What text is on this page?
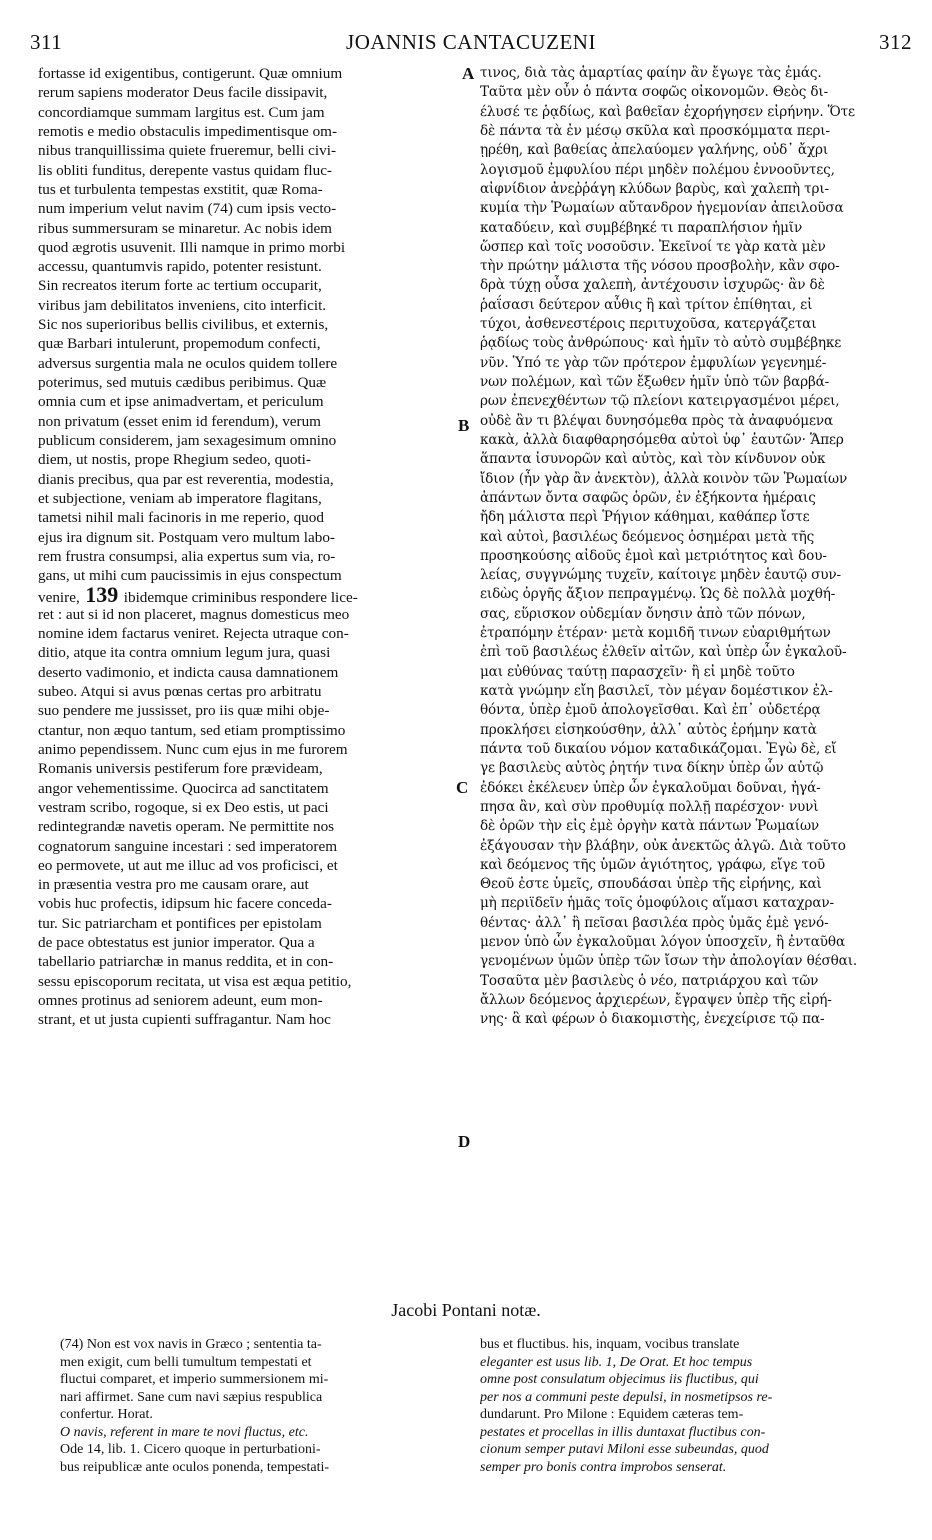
311	JOANNIS CANTACUZENI	312
fortasse id exigentibus, contigerunt. Quæ omnium
rerum sapiens moderator Deus facile dissipavit,
concordiamque summam largitus est. Cum jam
remotis e medio obstaculis impedimentisque om-
nibus tranquillissima quiete frueremur, belli civi-
lis obliti funditus, derepente vastus quidam fluc-
tus et turbulenta tempestas exstitit, quæ Roma-
num imperium velut navim (74) cum ipsis vecto-
ribus summersuram se minaretur. Ac nobis idem
quod ægrotis usuvenit. Illi namque in primo morbi
accessu, quantumvis rapido, potenter resistunt.
Sin recreatos iterum forte ac tertium occuparit,
viribus jam debilitatos inveniens, cito interficit.
Sic nos superioribus bellis civilibus, et externis,
quæ Barbari intulerunt, propemodum confecti,
adversus surgentia mala ne oculos quidem tollere
poterimus, sed mutuis cædibus peribimus. Quæ
omnia cum et ipse animadvertam, et periculum
non privatum (esset enim id ferendum), verum
publicum considerem, jam sexagesimum omnino
diem, ut nostis, prope Rhegium sedeo, quoti-
dianis precibus, qua par est reverentia, modestia,
et subjectione, veniam ab imperatore flagitans,
tametsi nihil mali facinoris in me reperio, quod
ejus ira dignum sit. Postquam vero multum labo-
rem frustra consumpsi, alia expertus sum via, ro-
gans, ut mihi cum paucissimis in ejus conspectum
venire, 139 ibidemque criminibus respondere lice-
ret : aut si id non placeret, magnus domesticus meo
nomine idem factarus veniret. Rejecta utraque con-
ditio, atque ita contra omnium legum jura, quasi
deserto vadimonio, et indicta causa damnationem
subeo. Atqui si avus pœnas certas pro arbitratu
suo pendere me jussisset, pro iis quæ mihi obje-
ctantur, non æquo tantum, sed etiam promptissimo
animo pependissem. Nunc cum ejus in me furorem
Romanis universis pestiferum fore prævideam,
angor vehementissime. Quocirca ad sanctitatem
vestram scribo, rogoque, si ex Deo estis, ut paci
redintegrandæ navetis operam. Ne permittite nos
cognatorum sanguine incestari : sed imperatorem
eo permovete, ut aut me illuc ad vos proficisci, et
in præsentia vestra pro me causam orare, aut
vobis huc profectis, idipsum hic facere conceda-
tur. Sic patriarcham et pontifices per epistolam
de pace obtestatus est junior imperator. Qua a
tabellario patriarchæ in manus reddita, et in con-
sessu episcoporum recitata, ut visa est æqua petitio,
omnes protinus ad seniorem adeunt, eum mon-
strant, et ut justa cupienti suffragantur. Nam hoc
A
B
C
D
τινος, διὰ τὰς ἁμαρτίας φαίην ἂν ἔγωγε τὰς ἐμάς.
Ταῦτα μὲν οὖν ὁ πάντα σοφῶς οἰκονομῶν. Θεὸς δι-
έλυσέ τε ῥᾳδίως, καὶ βαθεῖαν ἐχορήγησεν εἰρήνην. Ὅτε
δὲ πάντα τὰ ἐν μέσῳ σκῦλα καὶ προσκόμματα περι-
ῃρέθη, καὶ βαθείας ἀπελαύομεν γαλήνης, οὐδ᾽ ἄχρι
λογισμοῦ ἐμφυλίου πέρι μηδὲν πολέμου ἐννοοῦντες,
αἰφνίδιον ἀνεῤῥάγη κλύδων βαρὺς, καὶ χαλεπὴ τρι-
κυμία τὴν Ῥωμαίων αὔτανδρον ἡγεμονίαν ἀπειλοῦσα
καταδύειν, καὶ συμβέβηκέ τι παραπλήσιον ἡμῖν
ὥσπερ καὶ τοῖς νοσοῦσιν. Ἐκεῖνοί τε γὰρ κατὰ μὲν
τὴν πρώτην μάλιστα τῆς νόσου προσβολὴν, κἂν σφο-
δρὰ τύχῃ οὖσα χαλεπὴ, ἀντέχουσιν ἰσχυρῶς· ἂν δὲ
ῥαΐσασι δεύτερον αὖθις ἢ καὶ τρίτον ἐπίθηται, εἰ
τύχοι, ἀσθενεστέροις περιτυχοῦσα, κατεργάζεται
ῥᾳδίως τοὺς ἀνθρώπους· καὶ ἡμῖν τὸ αὐτὸ συμβέβηκε
νῦν. Ὑπό τε γὰρ τῶν πρότερον ἐμφυλίων γεγενημέ-
νων πολέμων, καὶ τῶν ἔξωθεν ἡμῖν ὑπὸ τῶν βαρβά-
ρων ἐπενεχθέντων τῷ πλείονι κατειργασμένοι μέρει,
οὐδὲ ἂν τι βλέψαι δυνησόμεθα πρὸς τὰ ἀναφυόμενα
κακὰ, ἀλλὰ διαφθαρησόμεθα αὐτοὶ ὑφ᾽ ἑαυτῶν· Ἅπερ
ἅπαντα ἰσυνορῶν καὶ αὐτὸς, καὶ τὸν κίνδυνον οὐκ
ἴδιον (ἦν γὰρ ἂν ἀνεκτὸν), ἀλλὰ κοινὸν τῶν Ῥωμαίων
ἁπάντων ὄντα σαφῶς ὁρῶν, ἐν ἑξήκοντα ἡμέραις
ἤδη μάλιστα περὶ Ῥήγιον κάθημαι, καθάπερ ἴστε
καὶ αὐτοὶ, βασιλέως δεόμενος ὁσημέραι μετὰ τῆς
προσηκούσης αἰδοῦς ἐμοὶ καὶ μετριότητος καὶ δου-
λείας, συγγνώμης τυχεῖν, καίτοιγε μηδὲν ἑαυτῷ συν-
ειδὼς ὀργῆς ἄξιον πεπραγμένῳ. Ὡς δὲ πολλὰ μοχθή-
σας, εὕρισκον οὐδεμίαν ὄνησιν ἀπὸ τῶν πόνων,
ἐτραπόμην ἑτέραν· μετὰ κομιδῆ τινων εὐαριθμήτων
ἐπὶ τοῦ βασιλέως ἐλθεῖν αἰτῶν, καὶ ὑπὲρ ὧν ἐγκαλοῦ-
μαι εὐθύνας ταύτῃ παρασχεῖν· ἢ εἰ μηδὲ τοῦτο
κατὰ γνώμην εἴη βασιλεῖ, τὸν μέγαν δομέστικον ἐλ-
θόντα, ὑπὲρ ἐμοῦ ἀπολογεῖσθαι. Καὶ ἐπ᾽ οὐδετέρᾳ
προκλήσει εἰσηκούσθην, ἀλλ᾽ αὐτὸς ἐρήμην κατὰ
πάντα τοῦ δικαίου νόμον καταδικάζομαι. Ἐγὼ δὲ, εἴ
γε βασιλεὺς αὐτὸς ῥητήν τινα δίκην ὑπὲρ ὧν αὐτῷ
ἐδόκει ἐκέλευεν ὑπὲρ ὧν ἐγκαλοῦμαι δοῦναι, ἠγά-
πησα ἂν, καὶ σὺν προθυμίᾳ πολλῇ παρέσχον· νυνὶ
δὲ ὁρῶν τὴν εἰς ἐμὲ ὀργὴν κατὰ πάντων Ῥωμαίων
ἐξάγουσαν τὴν βλάβην, οὐκ ἀνεκτῶς ἀλγῶ. Διὰ τοῦτο
καὶ δεόμενος τῆς ὑμῶν ἁγιότητος, γράφω, εἴγε τοῦ
Θεοῦ ἐστε ὑμεῖς, σπουδάσαι ὑπὲρ τῆς εἰρήνης, καὶ
μὴ περιϊδεῖν ἡμᾶς τοῖς ὁμοφύλοις αἵμασι καταχραν-
θέντας· ἀλλ᾽ ἢ πεῖσαι βασιλέα πρὸς ὑμᾶς ἐμὲ γενό-
μενον ὑπὸ ὧν ἐγκαλοῦμαι λόγον ὑποσχεῖν, ἢ ἐνταῦθα
γενομένων ὑμῶν ὑπὲρ τῶν ἴσων τὴν ἀπολογίαν θέσθαι.
Τοσαῦτα μὲν βασιλεὺς ὁ νέο, πατριάρχου καὶ τῶν
ἄλλων δεόμενος ἀρχιερέων, ἔγραψεν ὑπὲρ τῆς εἰρή-
νης· ἃ καὶ φέρων ὁ διακομιστὴς, ἐνεχείρισε τῷ πα-
Jacobi Pontani notæ.
(74) Non est vox navis in Græco ; sententia ta-
men exigit, cum belli tumultum tempestati et
fluctui comparet, et imperio summersionem mi-
nari affirmet. Sane cum navi sæpius respublica
confertur. Horat.
O navis, referent in mare te novi fluctus, etc.
Ode 14, lib. 1. Cicero quoque in perturbationi-
bus reipublicæ ante oculos ponenda, tempestati-
bus et fluctibus. his, inquam, vocibus translate
eleganter est usus lib. 1, De Orat. Et hoc tempus
omne post consulatum objecimus iis fluctibus, qui
per nos a communi peste depulsi, in nosmetipsos re-
dundarunt. Pro Milone : Equidem cæteras tem-
pestates et procellas in illis duntaxat fluctibus con-
cionum semper putavi Miloni esse subeundas, quod
semper pro bonis contra improbos senserat.
